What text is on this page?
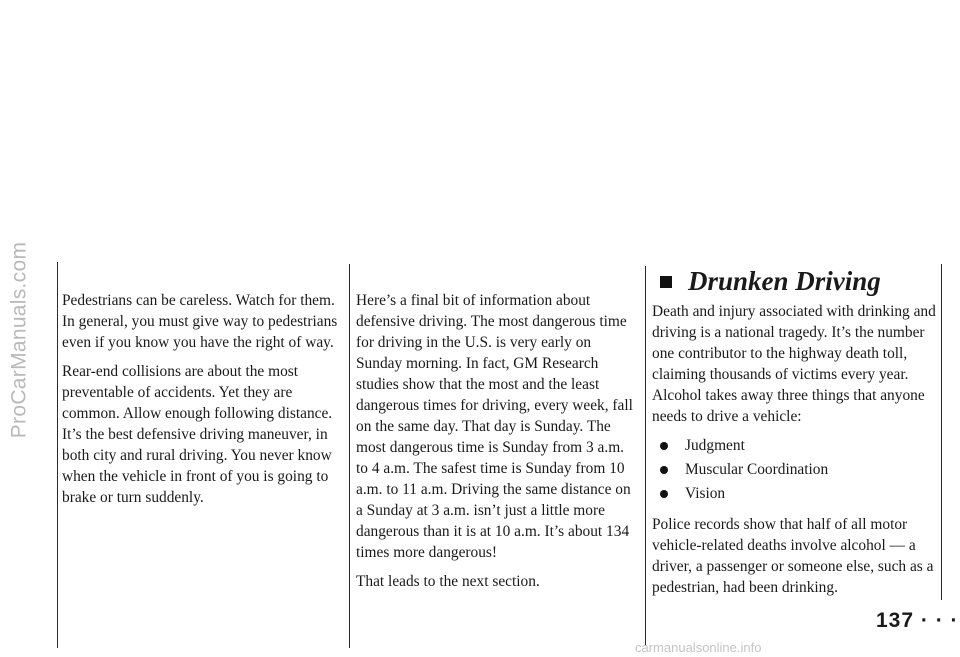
ProCarManuals.com Pedestrians can be careless. Watch for them. In general, you must give way to pedestrians even if you know you have the right of way.

Rear-end collisions are about the most preventable of accidents. Yet they are common. Allow enough following distance. It’s the best defensive driving maneuver, in both city and rural driving. You never know when the vehicle in front of you is going to brake or turn suddenly.

Here’s a final bit of information about defensive driving. The most dangerous time for driving in the U.S. is very early on Sunday morning. In fact, GM Research studies show that the most and the least dangerous times for driving, every week, fall on the same day. That day is Sunday. The most dangerous time is Sunday from 3 a.m. to 4 a.m. The safest time is Sunday from 10 a.m. to 11 a.m. Driving the same distance on a Sunday at 3 a.m. isn’t just a little more dangerous than it is at 10 a.m. It’s about 134 times more dangerous!

That leads to the next section.

Drunken Driving

Death and injury associated with drinking and driving is a national tragedy. It’s the number one contributor to the highway death toll, claiming thousands of victims every year. Alcohol takes away three things that anyone needs to drive a vehicle:

Judgment
Muscular Coordination
Vision

Police records show that half of all motor vehicle-related deaths involve alcohol — a driver, a passenger or someone else, such as a pedestrian, had been drinking.

137 · · ·
carmanualsonline.info
